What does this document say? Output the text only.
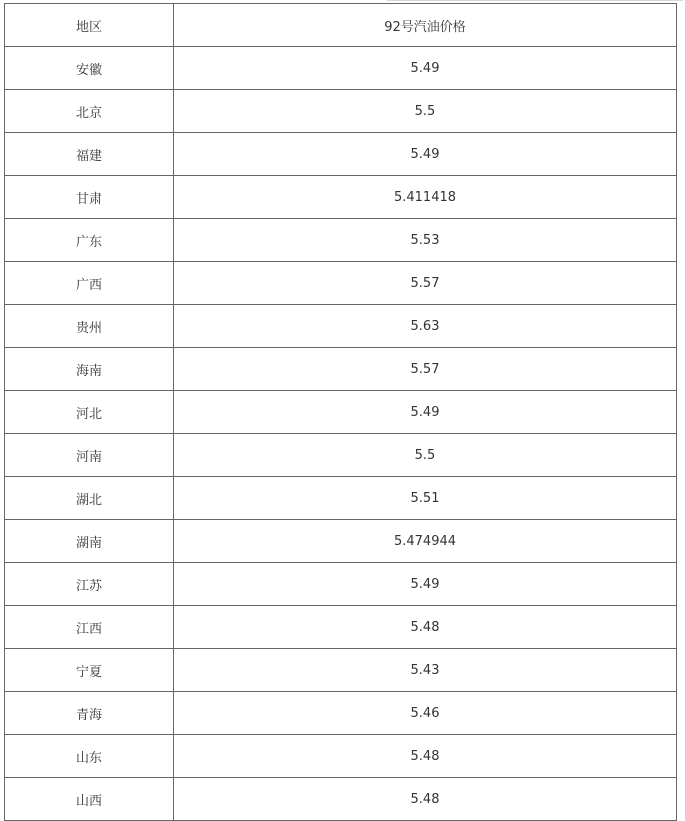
地区	92号汽油价格
安徽	5.49
北京	5.5
福建	5.49
甘肃	5.411418
广东	5.53
广西	5.57
贵州	5.63
海南	5.57
河北	5.49
河南	5.5
湖北	5.51
湖南	5.474944
江苏	5.49
江西	5.48
宁夏	5.43
青海	5.46
山东	5.48
山西	5.48
